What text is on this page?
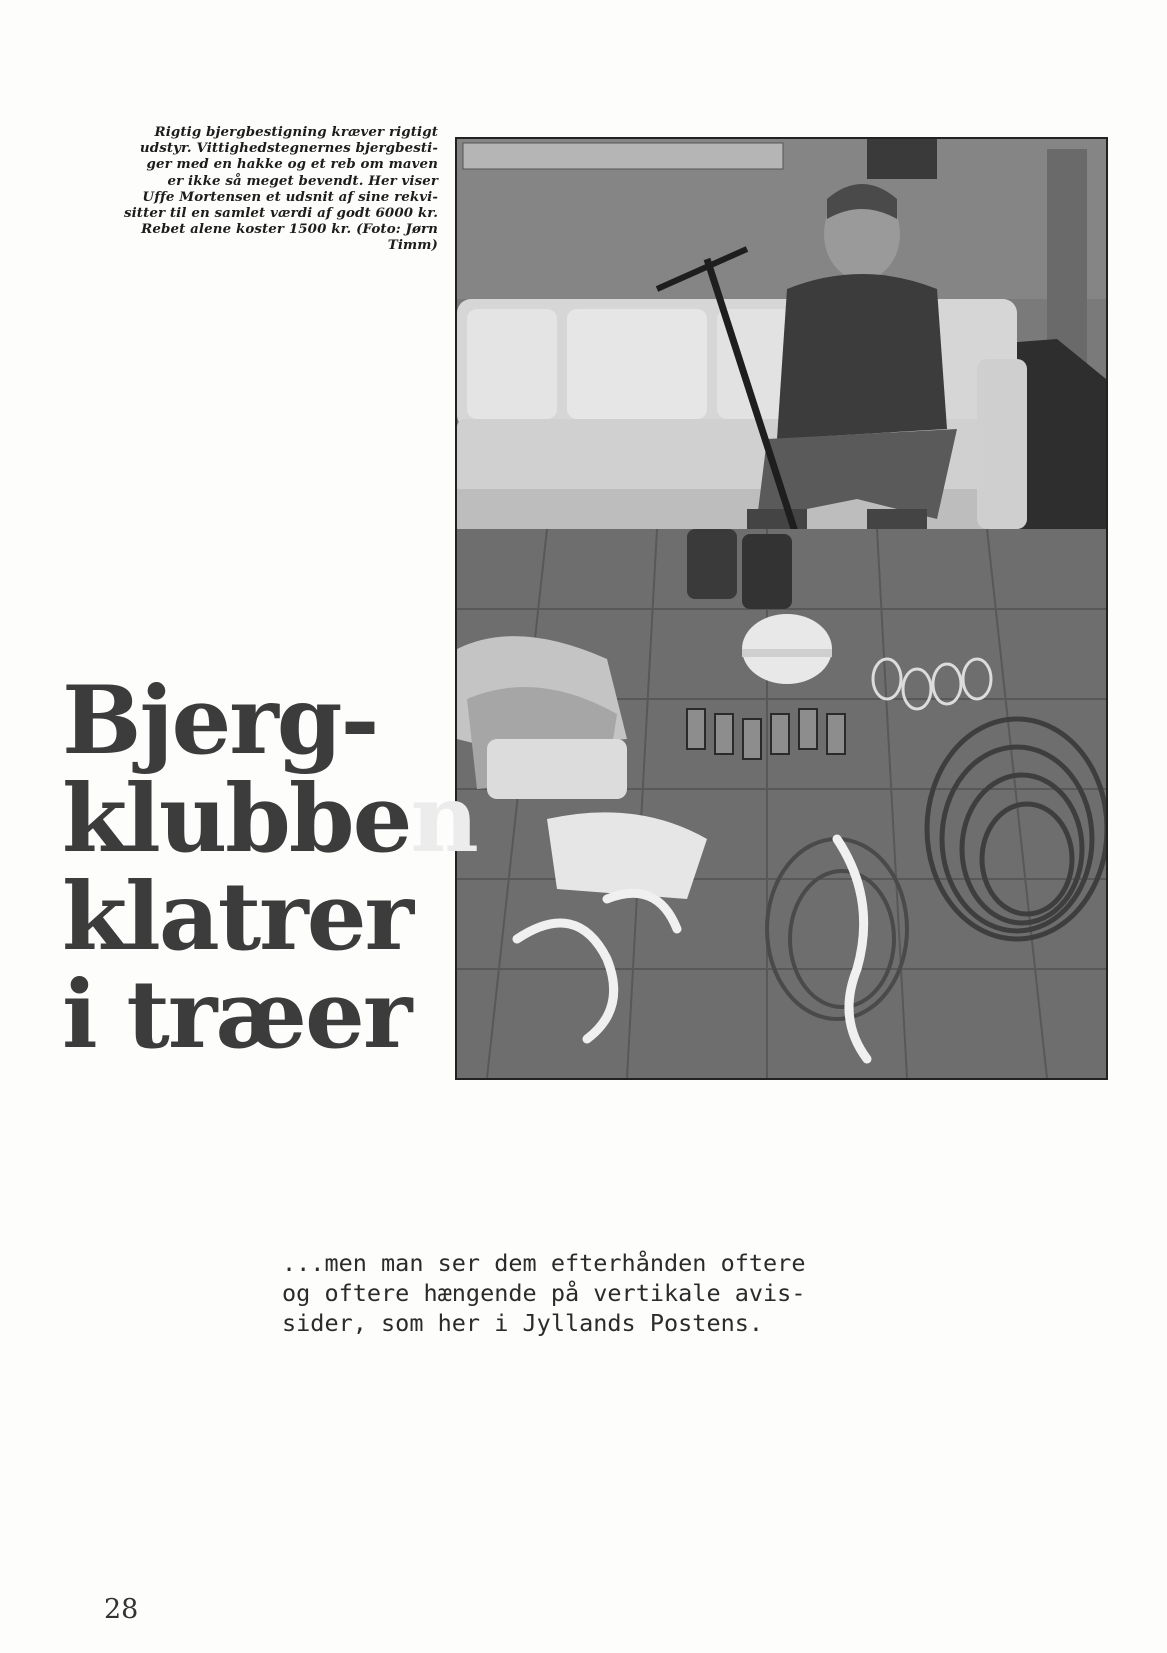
Rigtig bjergbestigning kræver rigtigt
udstyr. Vittighedstegnernes bjergbesti-
ger med en hakke og et reb om maven
er ikke så meget bevendt. Her viser
Uffe Mortensen et udsnit af sine rekvi-
sitter til en samlet værdi af godt 6000 kr.
Rebet alene koster 1500 kr. (Foto: Jørn
Timm)
Bjerg-
klubben
klatrer
i træer
...men man ser dem efterhånden oftere
og oftere hængende på vertikale avis-
sider, som her i Jyllands Postens.
28
